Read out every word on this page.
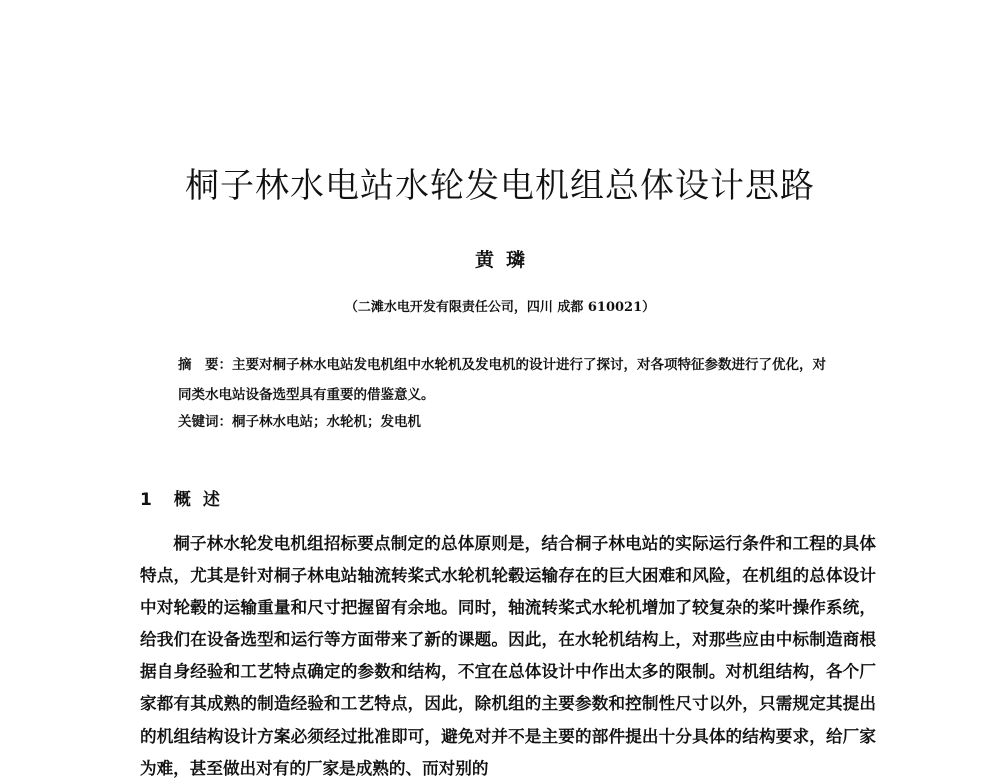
桐子林水电站水轮发电机组总体设计思路
黄璘
（二滩水电开发有限责任公司，四川 成都 610021）
摘　要：主要对桐子林水电站发电机组中水轮机及发电机的设计进行了探讨，对各项特征参数进行了优化，对同类水电站设备选型具有重要的借鉴意义。
关键词：桐子林水电站；水轮机；发电机
1 概述
桐子林水轮发电机组招标要点制定的总体原则是，结合桐子林电站的实际运行条件和工程的具体特点，尤其是针对桐子林电站轴流转桨式水轮机轮毂运输存在的巨大困难和风险，在机组的总体设计中对轮毂的运输重量和尺寸把握留有余地。同时，轴流转桨式水轮机增加了较复杂的桨叶操作系统，给我们在设备选型和运行等方面带来了新的课题。因此，在水轮机结构上，对那些应由中标制造商根据自身经验和工艺特点确定的参数和结构，不宜在总体设计中作出太多的限制。对机组结构，各个厂家都有其成熟的制造经验和工艺特点，因此，除机组的主要参数和控制性尺寸以外，只需规定其提出的机组结构设计方案必须经过批准即可，避免对并不是主要的部件提出十分具体的结构要求，给厂家为难，甚至做出对有的厂家是成熟的、而对别的
